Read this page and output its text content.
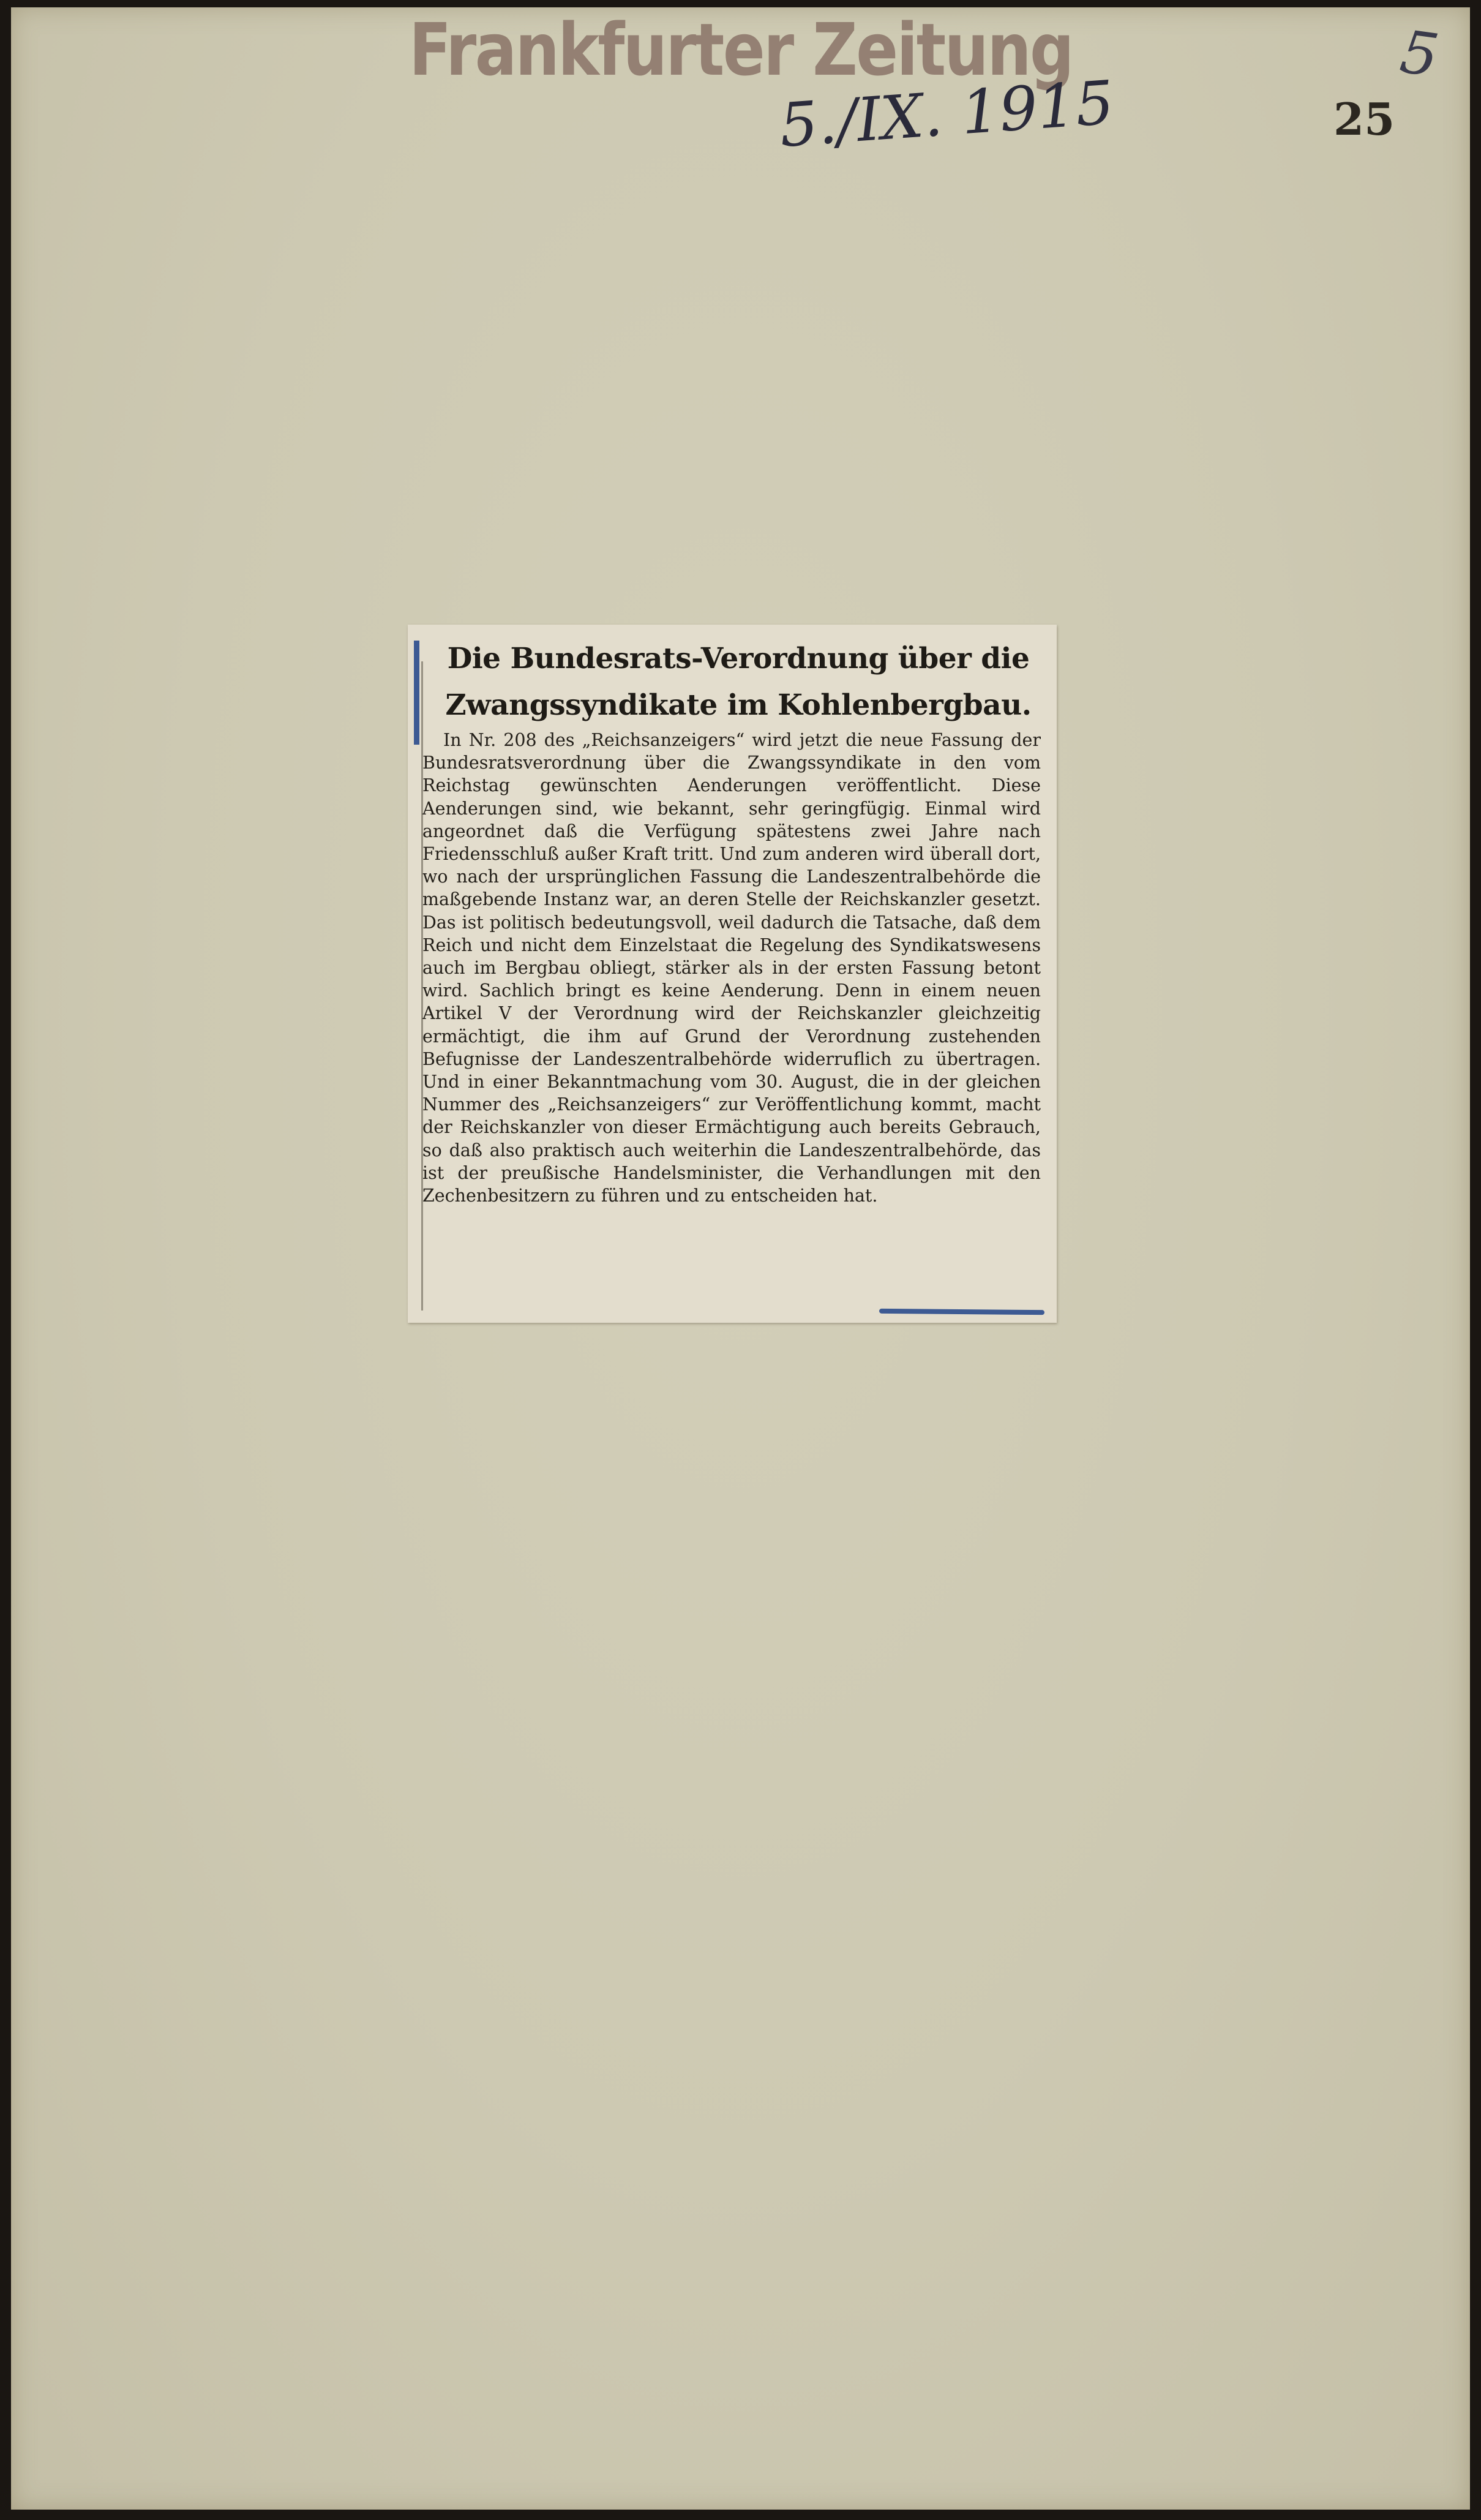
Frankfurter Zeitung
5./IX. 1915
5
25
Die Bundesrats-Verordnung über die Zwangssyndikate im Kohlenbergbau.
In Nr. 208 des „Reichsanzeigers“ wird jetzt die neue Fassung der Bundesratsverordnung über die Zwangssyndikate in den vom Reichstag gewünschten Aenderungen veröffentlicht. Diese Aenderungen sind, wie bekannt, sehr geringfügig. Einmal wird angeordnet daß die Verfügung spätestens zwei Jahre nach Friedensschluß außer Kraft tritt. Und zum anderen wird überall dort, wo nach der ursprünglichen Fassung die Landeszentralbehörde die maßgebende Instanz war, an deren Stelle der Reichskanzler gesetzt. Das ist politisch bedeutungsvoll, weil dadurch die Tatsache, daß dem Reich und nicht dem Einzelstaat die Regelung des Syndikatswesens auch im Bergbau obliegt, stärker als in der ersten Fassung betont wird. Sachlich bringt es keine Aenderung. Denn in einem neuen Artikel V der Verordnung wird der Reichskanzler gleichzeitig ermächtigt, die ihm auf Grund der Verordnung zustehenden Befugnisse der Landeszentralbehörde widerruflich zu übertragen. Und in einer Bekanntmachung vom 30. August, die in der gleichen Nummer des „Reichsanzeigers“ zur Veröffentlichung kommt, macht der Reichskanzler von dieser Ermächtigung auch bereits Gebrauch, so daß also praktisch auch weiterhin die Landeszentralbehörde, das ist der preußische Handelsminister, die Verhandlungen mit den Zechenbesitzern zu führen und zu entscheiden hat.
